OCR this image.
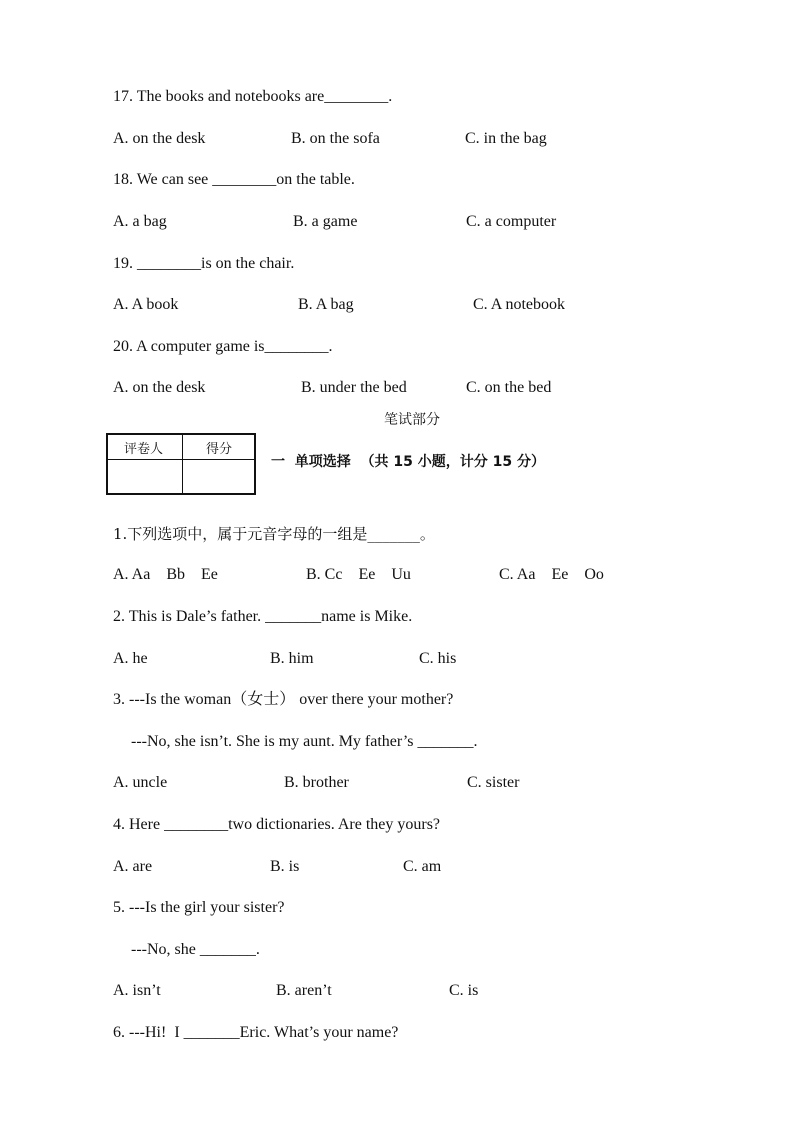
17. The books and notebooks are________.
A. on the desk	B. on the sofa	C. in the bag
18. We can see ________on the table.
A. a bag	B. a game	C. a computer
19. ________is on the chair.
A. A book	B. A bag	C. A notebook
20. A computer game is________.
A. on the desk	B. under the bed	C. on the bed
笔试部分
评卷人	得分
一  单项选择  （共 15 小题，计分 15 分）
1.下列选项中，属于元音字母的一组是_______。
A. Aa    Bb    Ee	B. Cc    Ee    Uu	C. Aa    Ee    Oo
2. This is Dale’s father. _______name is Mike.
A. he	B. him	C. his
3. ---Is the woman（女士） over there your mother?
---No, she isn’t. She is my aunt. My father’s _______.
A. uncle	B. brother	C. sister
4. Here ________two dictionaries. Are they yours?
A. are	B. is	C. am
5. ---Is the girl your sister?
---No, she _______.
A. isn’t	B. aren’t	C. is
6. ---Hi!  I _______Eric. What’s your name?
